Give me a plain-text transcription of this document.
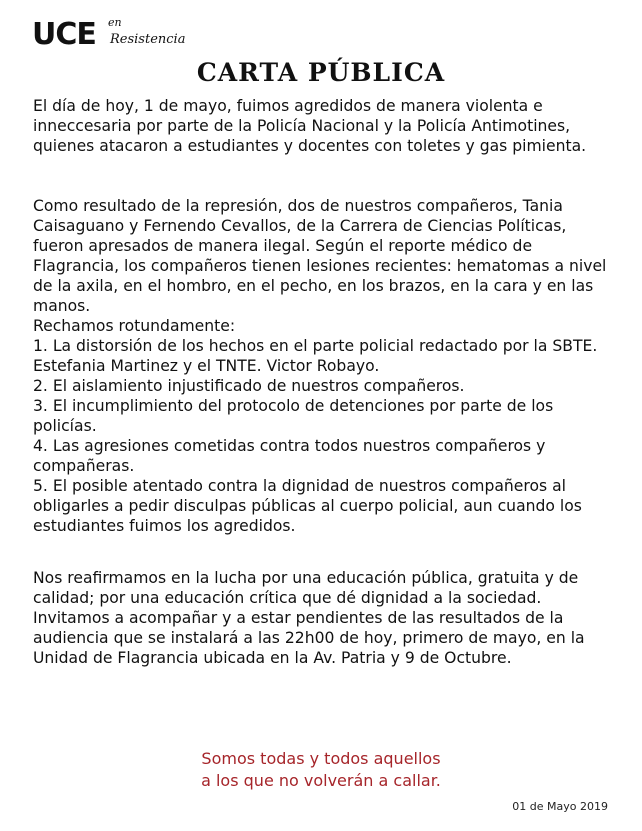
UCE en
Resistencia
CARTA PÚBLICA

El día de hoy, 1 de mayo, fuimos agredidos de manera violenta e inneccesaria por parte de la Policía Nacional y la Policía Antimotines, quienes atacaron a estudiantes y docentes con toletes y gas pimienta.

Como resultado de la represión, dos de nuestros compañeros, Tania Caisaguano y Fernendo Cevallos, de la Carrera de Ciencias Políticas, fueron apresados de manera ilegal. Según el reporte médico de Flagrancia, los compañeros tienen lesiones recientes: hematomas a nivel de la axila, en el hombro, en el pecho, en los brazos, en la cara y en las manos.

Rechamos rotundamente:

1. La distorsión de los hechos en el parte policial redactado por la SBTE. Estefania Martinez y el TNTE. Victor Robayo.

2. El aislamiento injustificado de nuestros compañeros.

3. El incumplimiento del protocolo de detenciones por parte de los policías.

4. Las agresiones cometidas contra todos nuestros compañeros y compañeras.

5. El posible atentado contra la dignidad de nuestros compañeros al obligarles a pedir disculpas públicas al cuerpo policial, aun cuando los estudiantes fuimos los agredidos.

Nos reafirmamos en la lucha por una educación pública, gratuita y de calidad; por una educación crítica que dé dignidad a la sociedad.

Invitamos a acompañar y a estar pendientes de las resultados de la audiencia que se instalará a las 22h00 de hoy, primero de mayo, en la Unidad de Flagrancia ubicada en la Av. Patria y 9 de Octubre.

Somos todas y todos aquellos
a los que no volverán a callar.
01 de Mayo 2019
